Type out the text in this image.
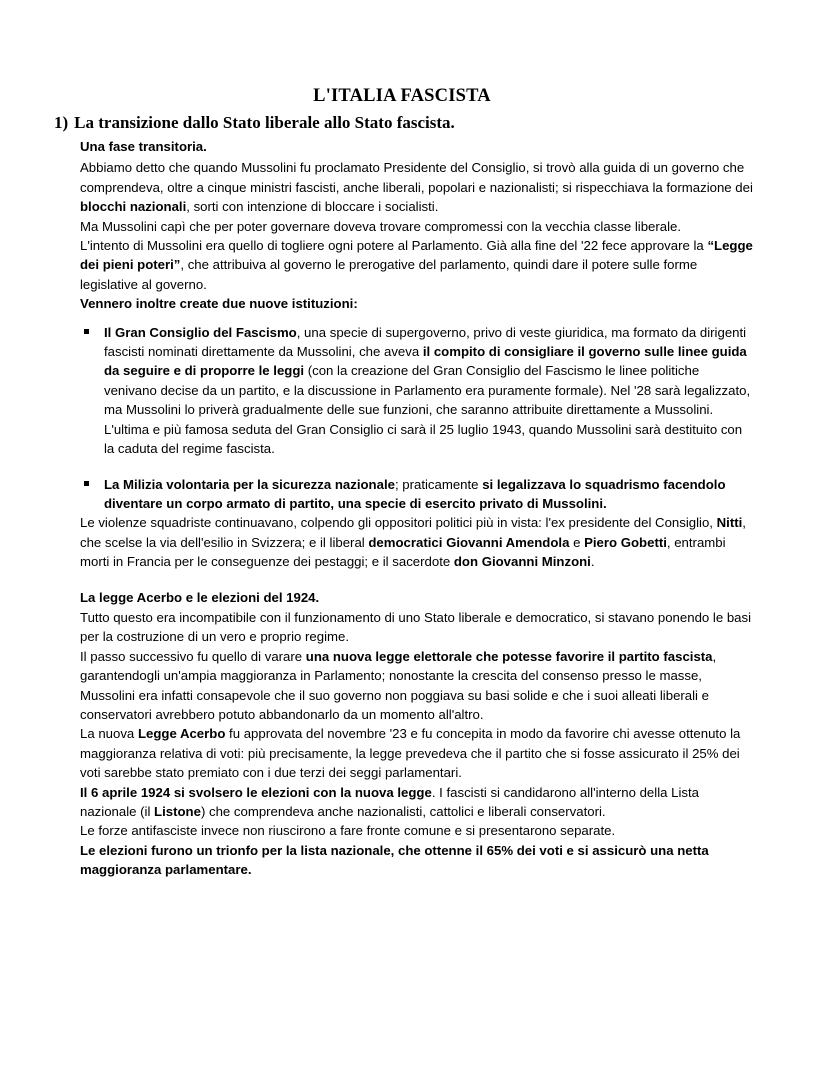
L'ITALIA FASCISTA
1) La transizione dallo Stato liberale allo Stato fascista.

Una fase transitoria.

Abbiamo detto che quando Mussolini fu proclamato Presidente del Consiglio, si trovò alla guida di un governo che comprendeva, oltre a cinque ministri fascisti, anche liberali, popolari e nazionalisti; si rispecchiava la formazione dei blocchi nazionali, sorti con intenzione di bloccare i socialisti.

Ma Mussolini capì che per poter governare doveva trovare compromessi con la vecchia classe liberale.

L'intento di Mussolini era quello di togliere ogni potere al Parlamento. Già alla fine del '22 fece approvare la “Legge dei pieni poteri”, che attribuiva al governo le prerogative del parlamento, quindi dare il potere sulle forme legislative al governo.

Vennero inoltre create due nuove istituzioni:

Il Gran Consiglio del Fascismo, una specie di supergoverno, privo di veste giuridica, ma formato da dirigenti fascisti nominati direttamente da Mussolini, che aveva il compito di consigliare il governo sulle linee guida da seguire e di proporre le leggi (con la creazione del Gran Consiglio del Fascismo le linee politiche venivano decise da un partito, e la discussione in Parlamento era puramente formale). Nel '28 sarà legalizzato, ma Mussolini lo priverà gradualmente delle sue funzioni, che saranno attribuite direttamente a Mussolini. L'ultima e più famosa seduta del Gran Consiglio ci sarà il 25 luglio 1943, quando Mussolini sarà destituito con la caduta del regime fascista.
La Milizia volontaria per la sicurezza nazionale; praticamente si legalizzava lo squadrismo facendolo diventare un corpo armato di partito, una specie di esercito privato di Mussolini.

Le violenze squadriste continuavano, colpendo gli oppositori politici più in vista: l'ex presidente del Consiglio, Nitti, che scelse la via dell'esilio in Svizzera; e il liberal democratici Giovanni Amendola e Piero Gobetti, entrambi morti in Francia per le conseguenze dei pestaggi; e il sacerdote don Giovanni Minzoni.

La legge Acerbo e le elezioni del 1924.

Tutto questo era incompatibile con il funzionamento di uno Stato liberale e democratico, si stavano ponendo le basi per la costruzione di un vero e proprio regime.

Il passo successivo fu quello di varare una nuova legge elettorale che potesse favorire il partito fascista, garantendogli un'ampia maggioranza in Parlamento; nonostante la crescita del consenso presso le masse, Mussolini era infatti consapevole che il suo governo non poggiava su basi solide e che i suoi alleati liberali e conservatori avrebbero potuto abbandonarlo da un momento all'altro.

La nuova Legge Acerbo fu approvata del novembre '23 e fu concepita in modo da favorire chi avesse ottenuto la maggioranza relativa di voti: più precisamente, la legge prevedeva che il partito che si fosse assicurato il 25% dei voti sarebbe stato premiato con i due terzi dei seggi parlamentari.

Il 6 aprile 1924 si svolsero le elezioni con la nuova legge. I fascisti si candidarono all'interno della Lista nazionale (il Listone) che comprendeva anche nazionalisti, cattolici e liberali conservatori.

Le forze antifasciste invece non riuscirono a fare fronte comune e si presentarono separate.

Le elezioni furono un trionfo per la lista nazionale, che ottenne il 65% dei voti e si assicurò una netta maggioranza parlamentare.
